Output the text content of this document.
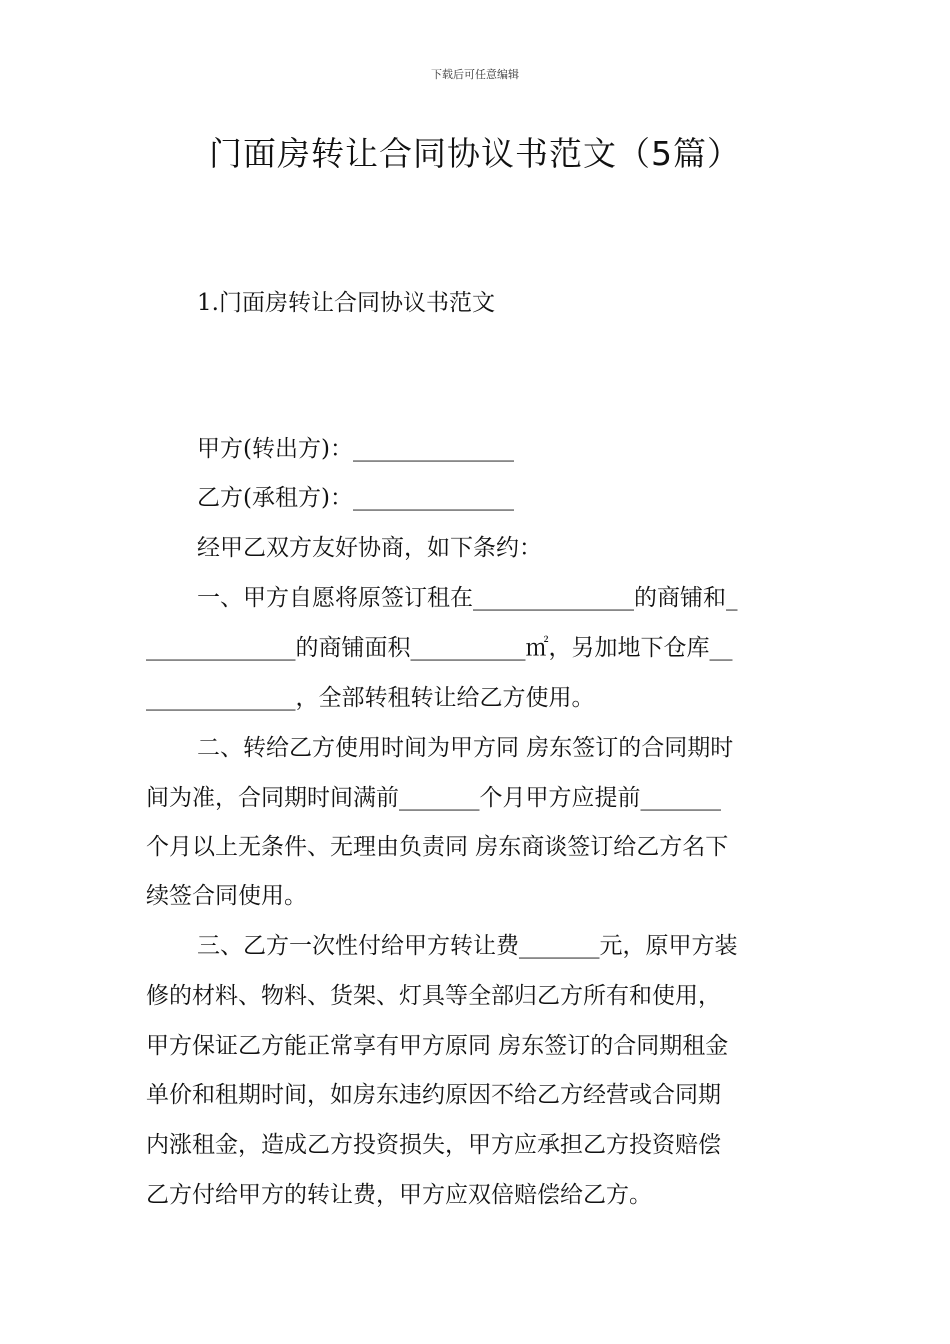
下载后可任意编辑
门面房转让合同协议书范文（5篇）
1.门面房转让合同协议书范文
甲方(转出方)：______________
乙方(承租方)：______________
经甲乙双方友好协商，如下条约：
一、甲方自愿将原签订租在______________的商铺和_
_____________的商铺面积__________㎡，另加地下仓库__
_____________，全部转租转让给乙方使用。
二、转给乙方使用时间为甲方同 房东签订的合同期时
间为准，合同期时间满前_______个月甲方应提前_______
个月以上无条件、无理由负责同 房东商谈签订给乙方名下
续签合同使用。
三、乙方一次性付给甲方转让费_______元，原甲方装
修的材料、物料、货架、灯具等全部归乙方所有和使用，
甲方保证乙方能正常享有甲方原同 房东签订的合同期租金
单价和租期时间，如房东违约原因不给乙方经营或合同期
内涨租金，造成乙方投资损失，甲方应承担乙方投资赔偿
乙方付给甲方的转让费，甲方应双倍赔偿给乙方。
